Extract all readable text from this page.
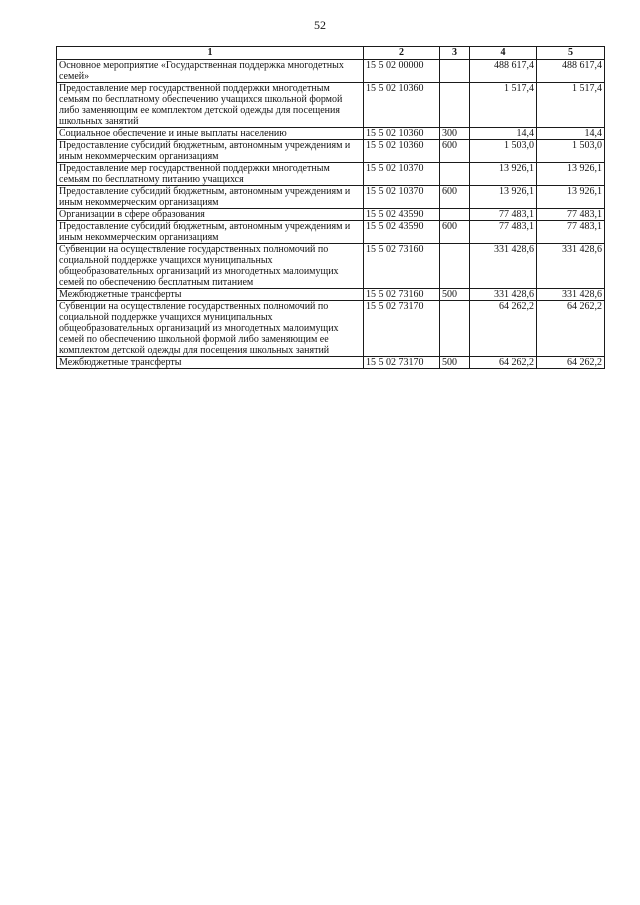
52
1	2	3	4	5
Основное мероприятие «Государственная поддержка многодетных семей»	15 5 02 00000		488 617,4	488 617,4
Предоставление мер государственной поддержки многодетным семьям по бесплатному обеспечению учащихся школьной формой либо заменяющим ее комплектом детской одежды для посещения школьных занятий	15 5 02 10360		1 517,4	1 517,4
Социальное обеспечение и иные выплаты населению	15 5 02 10360	300	14,4	14,4
Предоставление субсидий бюджетным, автономным учреждениям и иным некоммерческим организациям	15 5 02 10360	600	1 503,0	1 503,0
Предоставление мер государственной поддержки многодетным семьям по бесплатному питанию учащихся	15 5 02 10370		13 926,1	13 926,1
Предоставление субсидий бюджетным, автономным учреждениям и иным некоммерческим организациям	15 5 02 10370	600	13 926,1	13 926,1
Организации в сфере образования	15 5 02 43590		77 483,1	77 483,1
Предоставление субсидий бюджетным, автономным учреждениям и иным некоммерческим организациям	15 5 02 43590	600	77 483,1	77 483,1
Субвенции на осуществление государственных полномочий по социальной поддержке учащихся муниципальных общеобразовательных организаций из многодетных малоимущих семей по обеспечению бесплатным питанием	15 5 02 73160		331 428,6	331 428,6
Межбюджетные трансферты	15 5 02 73160	500	331 428,6	331 428,6
Субвенции на осуществление государственных полномочий по социальной поддержке учащихся муниципальных общеобразовательных организаций из многодетных малоимущих семей по обеспечению школьной формой либо заменяющим ее комплектом детской одежды для посещения школьных занятий	15 5 02 73170		64 262,2	64 262,2
Межбюджетные трансферты	15 5 02 73170	500	64 262,2	64 262,2
